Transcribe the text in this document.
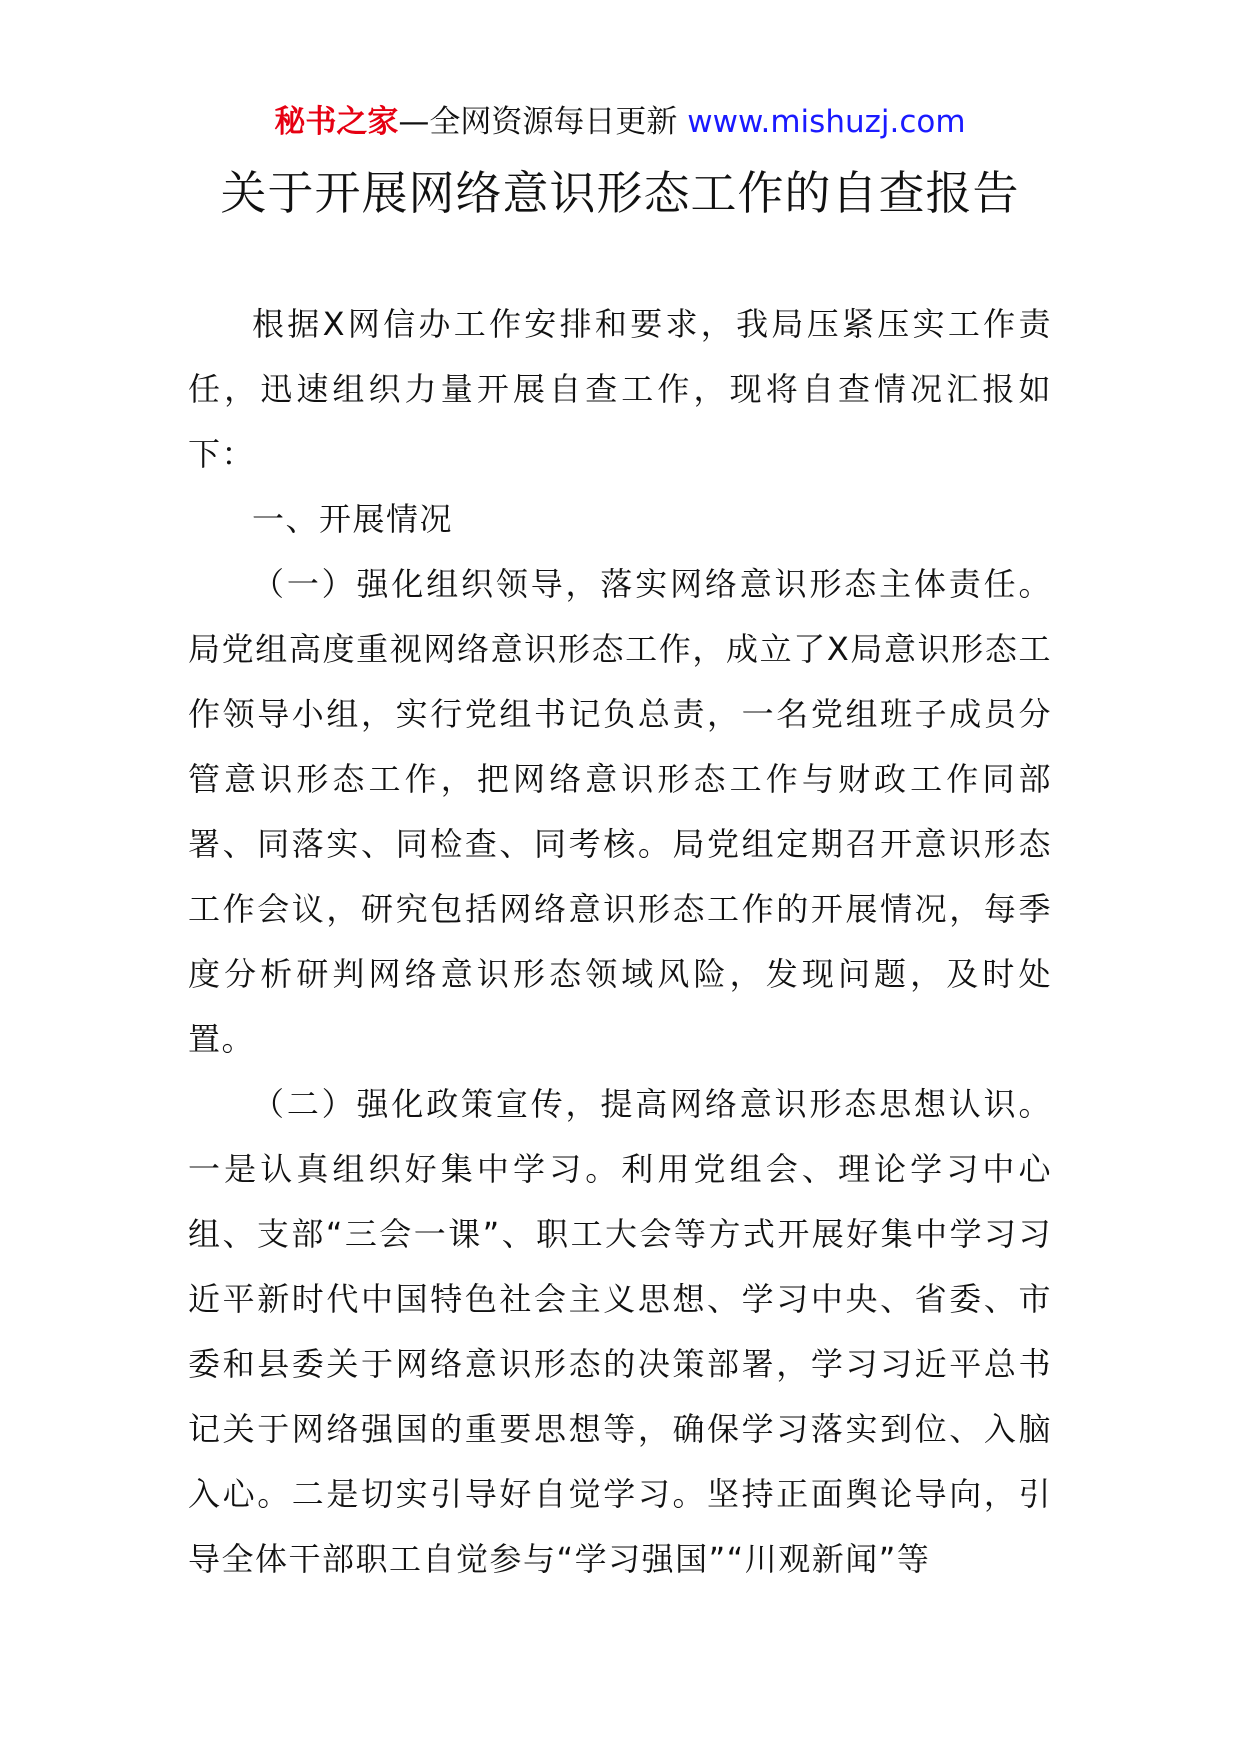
秘书之家—全网资源每日更新 www.mishuzj.com
关于开展网络意识形态工作的自查报告

根据X网信办工作安排和要求，我局压紧压实工作责任，迅速组织力量开展自查工作，现将自查情况汇报如下：

一、开展情况

（一）强化组织领导，落实网络意识形态主体责任。局党组高度重视网络意识形态工作，成立了X局意识形态工作领导小组，实行党组书记负总责，一名党组班子成员分管意识形态工作，把网络意识形态工作与财政工作同部署、同落实、同检查、同考核。局党组定期召开意识形态工作会议，研究包括网络意识形态工作的开展情况，每季度分析研判网络意识形态领域风险，发现问题，及时处置。

（二）强化政策宣传，提高网络意识形态思想认识。一是认真组织好集中学习。利用党组会、理论学习中心组、支部“三会一课”、职工大会等方式开展好集中学习习近平新时代中国特色社会主义思想、学习中央、省委、市委和县委关于网络意识形态的决策部署，学习习近平总书记关于网络强国的重要思想等，确保学习落实到位、入脑入心。二是切实引导好自觉学习。坚持正面舆论导向，引导全体干部职工自觉参与“学习强国”“川观新闻”等
